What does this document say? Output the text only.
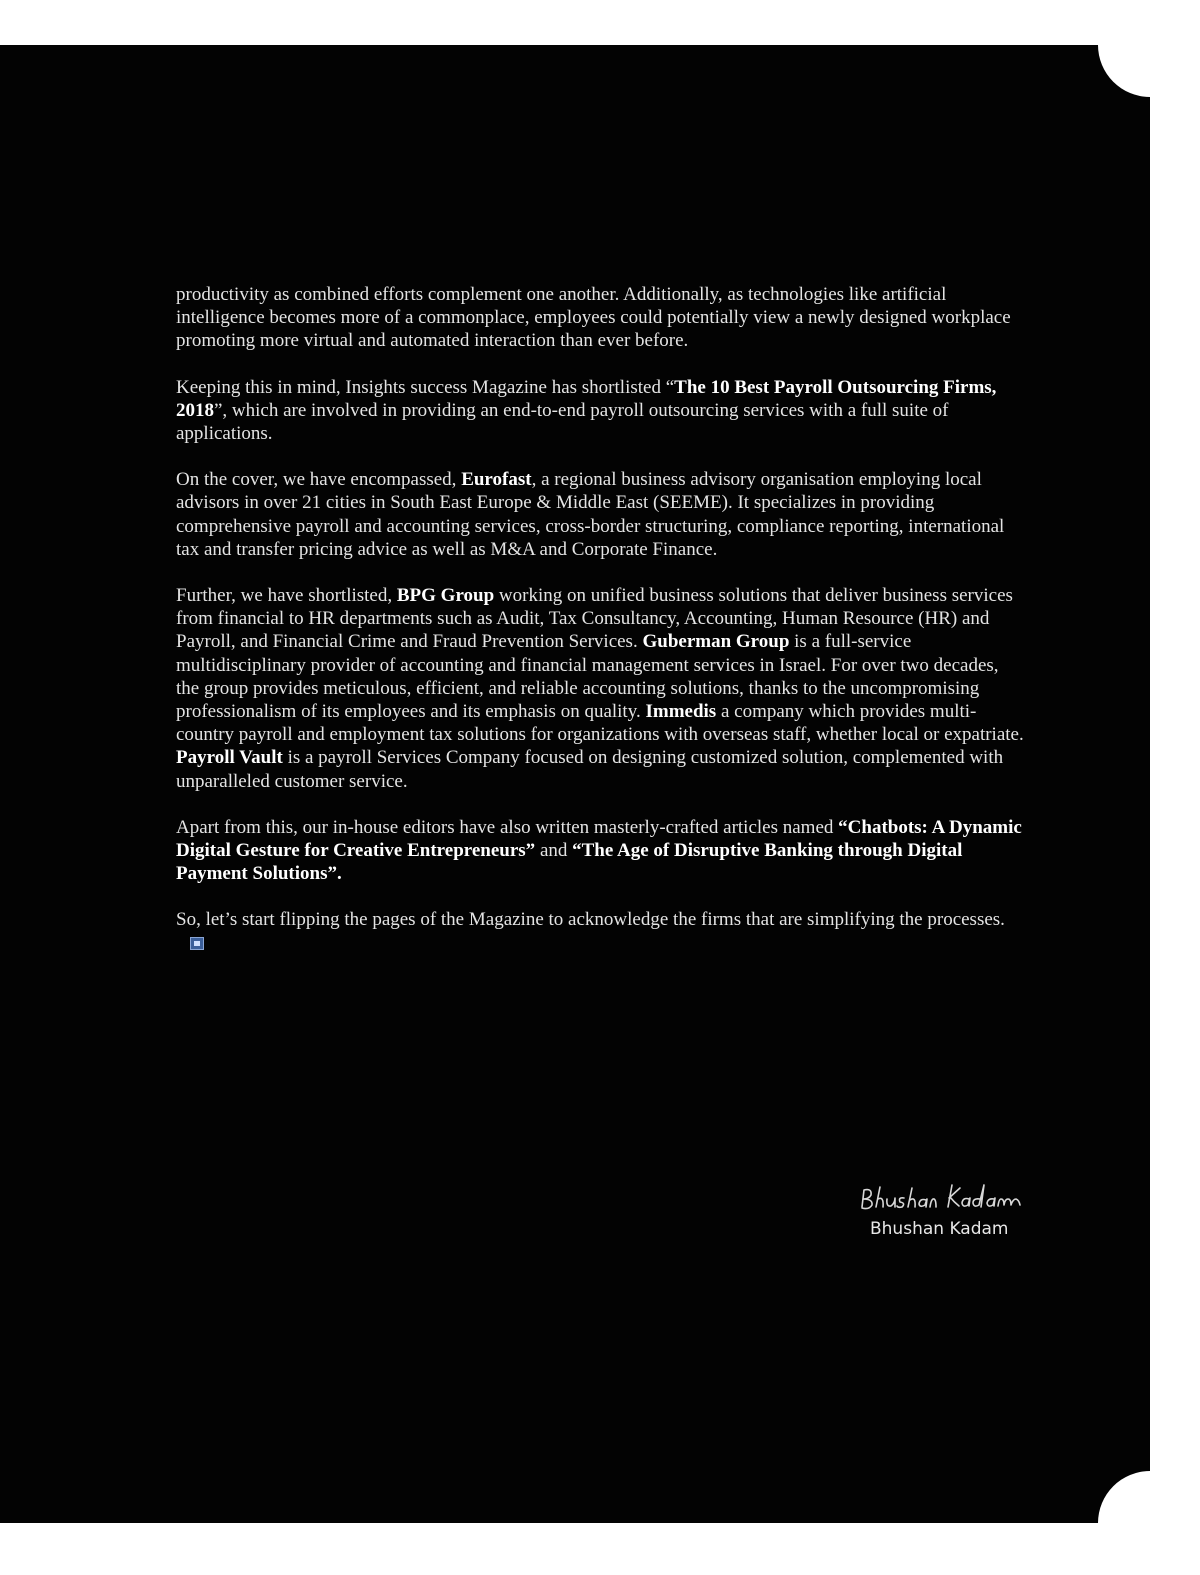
productivity as combined efforts complement one another. Additionally, as technologies like artificial intelligence becomes more of a commonplace, employees could potentially view a newly designed workplace promoting more virtual and automated interaction than ever before.

Keeping this in mind, Insights success Magazine has shortlisted “The 10 Best Payroll Outsourcing Firms, 2018”, which are involved in providing an end-to-end payroll outsourcing services with a full suite of applications.

On the cover, we have encompassed, Eurofast, a regional business advisory organisation employing local advisors in over 21 cities in South East Europe & Middle East (SEEME). It specializes in providing comprehensive payroll and accounting services, cross-border structuring, compliance reporting, international tax and transfer pricing advice as well as M&A and Corporate Finance.

Further, we have shortlisted, BPG Group working on unified business solutions that deliver business services from financial to HR departments such as Audit, Tax Consultancy, Accounting, Human Resource (HR) and Payroll, and Financial Crime and Fraud Prevention Services. Guberman Group is a full-service multidisciplinary provider of accounting and financial management services in Israel. For over two decades, the group provides meticulous, efficient, and reliable accounting solutions, thanks to the uncompromising professionalism of its employees and its emphasis on quality. Immedis a company which provides multi-country payroll and employment tax solutions for organizations with overseas staff, whether local or expatriate. Payroll Vault is a payroll Services Company focused on designing customized solution, complemented with unparalleled customer service.

Apart from this, our in-house editors have also written masterly-crafted articles named “Chatbots: A Dynamic Digital Gesture for Creative Entrepreneurs” and “The Age of Disruptive Banking through Digital Payment Solutions”.

So, let’s start flipping the pages of the Magazine to acknowledge the firms that are simplifying the processes.

Bhushan Kadam
